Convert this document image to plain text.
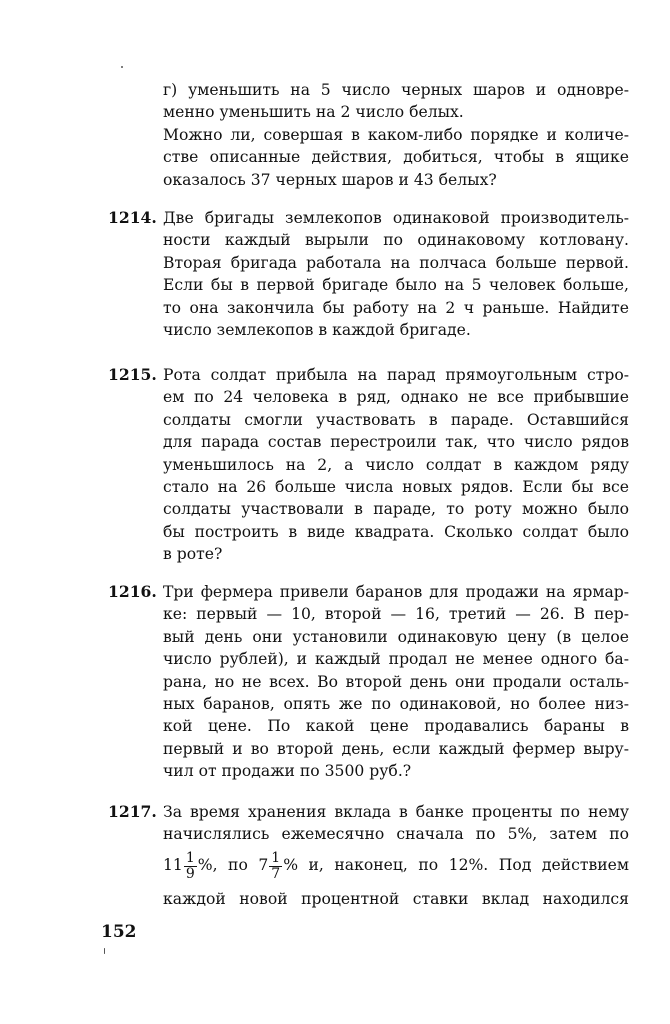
г) уменьшить на 5 число черных шаров и одновре-
менно уменьшить на 2 число белых.
Можно ли, совершая в каком-либо порядке и количе-
стве описанные действия, добиться, чтобы в ящике
оказалось 37 черных шаров и 43 белых?
1214. Две бригады землекопов одинаковой производитель-
ности каждый вырыли по одинаковому котловану.
Вторая бригада работала на полчаса больше первой.
Если бы в первой бригаде было на 5 человек больше,
то она закончила бы работу на 2 ч раньше. Найдите
число землекопов в каждой бригаде.
1215. Рота солдат прибыла на парад прямоугольным стро-
ем по 24 человека в ряд, однако не все прибывшие
солдаты смогли участвовать в параде. Оставшийся
для парада состав перестроили так, что число рядов
уменьшилось на 2, а число солдат в каждом ряду
стало на 26 больше числа новых рядов. Если бы все
солдаты участвовали в параде, то роту можно было
бы построить в виде квадрата. Сколько солдат было
в роте?
1216. Три фермера привели баранов для продажи на ярмар-
ке: первый — 10, второй — 16, третий — 26. В пер-
вый день они установили одинаковую цену (в целое
число рублей), и каждый продал не менее одного ба-
рана, но не всех. Во второй день они продали осталь-
ных баранов, опять же по одинаковой, но более низ-
кой цене. По какой цене продавались бараны в
первый и во второй день, если каждый фермер выру-
чил от продажи по 3500 руб.?
1217. За время хранения вклада в банке проценты по нему
начислялись ежемесячно сначала по 5%, затем по
$11 \frac{1}{9}$ %, по $7 \frac{1}{7}$ % и, наконец, по 12%. Под действием
каждой новой процентной ставки вклад находился
152
